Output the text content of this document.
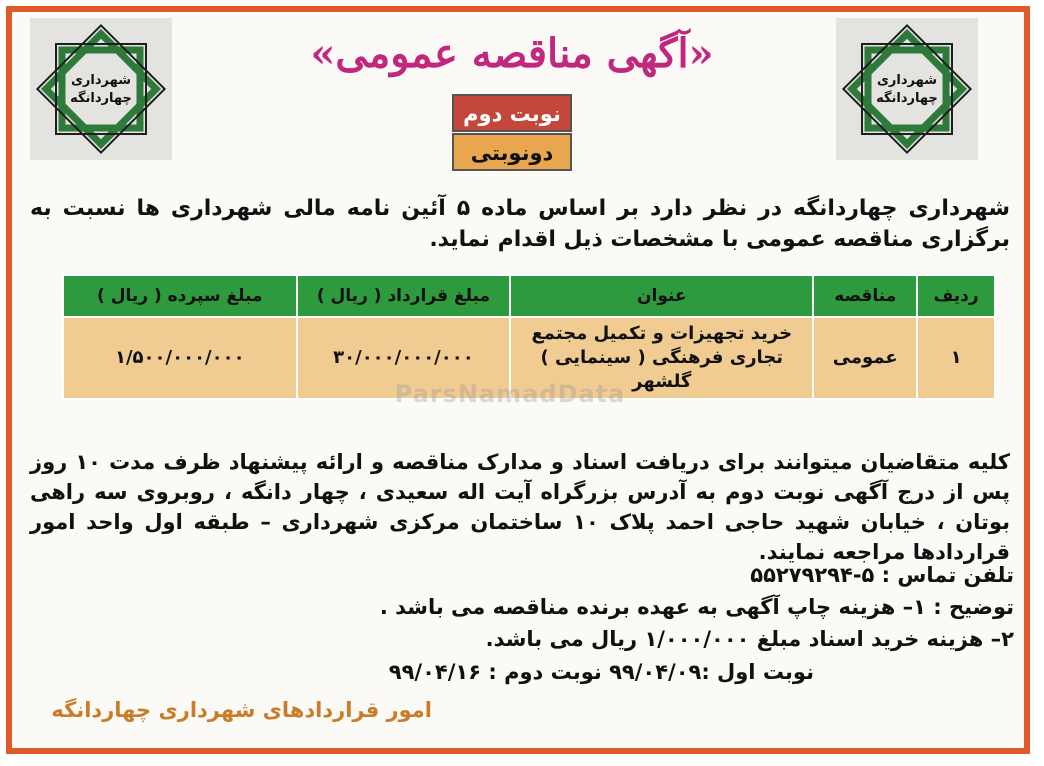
شهرداری
چهاردانگه
شهرداری
چهاردانگه
«آگهی مناقصه عمومی»
نوبت دوم
دونوبتی
شهرداری چهاردانگه در نظر دارد بر اساس ماده ۵ آئین نامه مالی شهرداری ها نسبت به برگزاری مناقصه عمومی با مشخصات ذیل اقدام نماید.
ردیف	مناقصه	عنوان	مبلغ قرارداد ( ریال )	مبلغ سپرده ( ریال )
۱	عمومی	خرید تجهیزات و تکمیل مجتمع تجاری فرهنگی ( سینمایی ) گلشهر	۳۰/۰۰۰/۰۰۰/۰۰۰	۱/۵۰۰/۰۰۰/۰۰۰
ParsNamadData
کلیه متقاضیان میتوانند برای دریافت اسناد و مدارک مناقصه و ارائه پیشنهاد ظرف مدت ۱۰ روز پس از درج آگهی نوبت دوم به آدرس بزرگراه آیت اله سعیدی ، چهار دانگه ، روبروی سه راهی بوتان ، خیابان شهید حاجی احمد پلاک ۱۰ ساختمان مرکزی شهرداری – طبقه اول واحد امور قراردادها مراجعه نمایند.
تلفن تماس : ۵-۵۵۲۷۹۲۹۴
توضیح : ۱– هزینه چاپ آگهی به عهده برنده مناقصه می باشد .
۲– هزینه خرید اسناد مبلغ ۱/۰۰۰/۰۰۰ ریال می باشد.
نوبت اول :۹۹/۰۴/۰۹ نوبت دوم : ۹۹/۰۴/۱۶
امور قراردادهای شهرداری چهاردانگه
